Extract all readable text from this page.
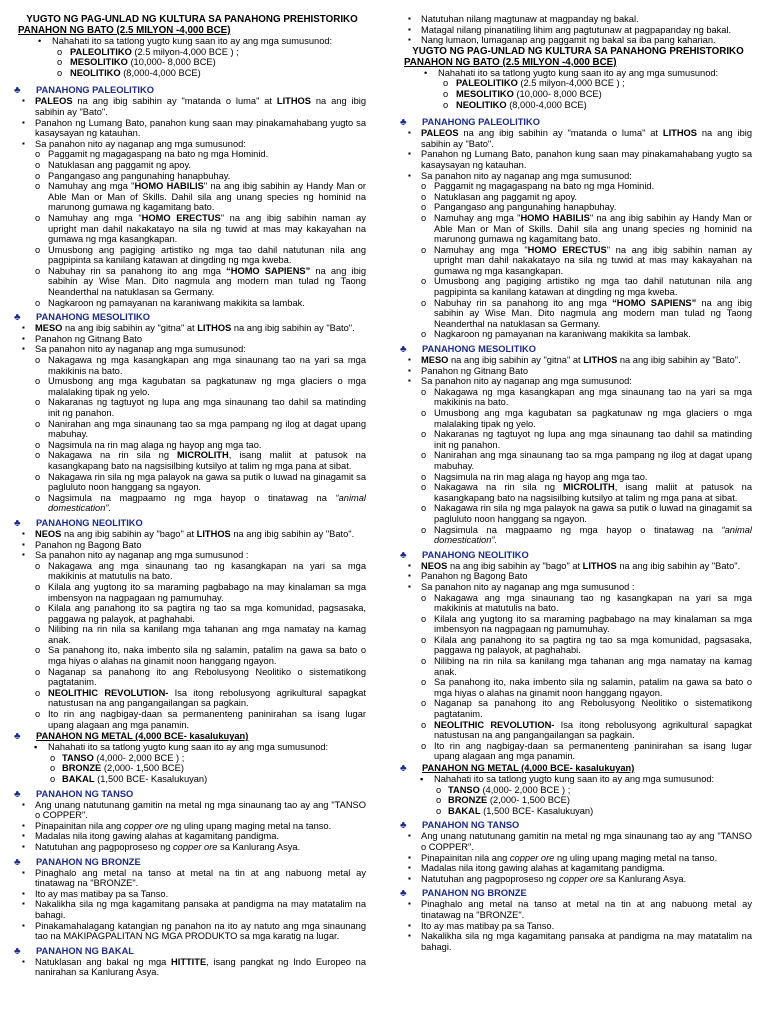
YUGTO NG PAG-UNLAD NG KULTURA SA PANAHONG PREHISTORIKO
PANAHON NG BATO (2.5 MILYON -4,000 BCE)
• Nahahati ito sa tatlong yugto kung saan ito ay ang mga sumusunod:
o PALEOLITIKO (2.5 milyon-4,000 BCE ) ;
o MESOLITIKO (10,000- 8,000 BCE)
o NEOLITIKO (8,000-4,000 BCE)
♣ PANAHONG PALEOLITIKO
▪ PALEOS na ang ibig sabihin ay "matanda o luma" at LITHOS na ang ibig sabihin ay "Bato".
▪ Panahon ng Lumang Bato, panahon kung saan may pinakamahabang yugto sa kasaysayan ng katauhan.
▪ Sa panahon nito ay naganap ang mga sumusunod:
o Paggamit ng magagaspang na bato ng mga Hominid.
o Natuklasan ang paggamit ng apoy.
o Pangangaso ang pangunahing hanapbuhay.
o Namuhay ang mga "HOMO HABILIS" na ang ibig sabihin ay Handy Man or Able Man or Man of Skills. Dahil sila ang unang species ng hominid na marunong gumawa ng kagamitang bato.
o Namuhay ang mga "HOMO ERECTUS" na ang ibig sabihin naman ay upright man dahil nakakatayo na sila ng tuwid at mas may kakayahan na gumawa ng mga kasangkapan.
o Umusbong ang pagiging artistiko ng mga tao dahil natutunan nila ang pagpipinta sa kanilang katawan at dingding ng mga kweba.
o Nabuhay rin sa panahong ito ang mga “HOMO SAPIENS” na ang ibig sabihin ay Wise Man. Dito nagmula ang modern man tulad ng Taong Neanderthal na natuklasan sa Germany.
o Nagkaroon ng pamayanan na karaniwang makikita sa lambak.
♣ PANAHONG MESOLITIKO
▪ MESO na ang ibig sabihin ay "gitna" at LITHOS na ang ibig sabihin ay "Bato".
▪ Panahon ng Gitnang Bato
▪ Sa panahon nito ay naganap ang mga sumusunod:
o Nakagawa ng mga kasangkapan ang mga sinaunang tao na yari sa mga makikinis na bato.
o Umusbong ang mga kagubatan sa pagkatunaw ng mga glaciers o mga malalaking tipak ng yelo.
o Nakaranas ng tagtuyot ng lupa ang mga sinaunang tao dahil sa matinding init ng panahon.
o Nanirahan ang mga sinaunang tao sa mga pampang ng ilog at dagat upang mabuhay.
o Nagsimula na rin mag alaga ng hayop ang mga tao.
o Nakagawa na rin sila ng MICROLITH, isang maliit at patusok na kasangkapang bato na nagsisilbing kutsilyo at talim ng mga pana at sibat.
o Nakagawa rin sila ng mga palayok na gawa sa putik o luwad na ginagamit sa pagluluto noon hanggang sa ngayon.
o Nagsimula na magpaamo ng mga hayop o tinatawag na “animal domestication”.
♣ PANAHONG NEOLITIKO
▪ NEOS na ang ibig sabihin ay "bago" at LITHOS na ang ibig sabihin ay "Bato".
▪ Panahon ng Bagong Bato
▪ Sa panahon nito ay naganap ang mga sumusunod :
o Nakagawa ang mga sinaunang tao ng kasangkapan na yari sa mga makikinis at matutulis na bato.
o Kilala ang yugtong ito sa maraming pagbabago na may kinalaman sa mga imbensyon na nagpagaan ng pamumuhay.
o Kilala ang panahong ito sa pagtira ng tao sa mga komunidad, pagsasaka, paggawa ng palayok, at paghahabi.
o Nilibing na rin nila sa kanilang mga tahanan ang mga namatay na kamag anak.
o Sa panahong ito, naka imbento sila ng salamin, patalim na gawa sa bato o mga hiyas o alahas na ginamit noon hanggang ngayon.
o Naganap sa panahong ito ang Rebolusyong Neolitiko o sistematikong pagtatanim.
o NEOLITHIC REVOLUTION- Isa itong rebolusyong agrikultural sapagkat natustusan na ang pangangailangan sa pagkain.
o Ito rin ang nagbigay-daan sa permanenteng paninirahan sa isang lugar upang alagaan ang mga panamin.
♣ PANAHON NG METAL (4,000 BCE- kasalukuyan)
▪ Nahahati ito sa tatlong yugto kung saan ito ay ang mga sumusunod:
o TANSO (4,000- 2,000 BCE ) ;
o BRONZE (2,000- 1,500 BCE)
o BAKAL (1,500 BCE- Kasalukuyan)
♣ PANAHON NG TANSO
▪ Ang unang natutunang gamitin na metal ng mga sinaunang tao ay ang "TANSO o COPPER".
▪ Pinapainitan nila ang copper ore ng uling upang maging metal na tanso.
▪ Madalas nila itong gawing alahas at kagamitang pandigma.
▪ Natutuhan ang pagpoproseso ng copper ore sa Kanlurang Asya.
♣ PANAHON NG BRONZE
▪ Pinaghalo ang metal na tanso at metal na tin at ang nabuong metal ay tinatawag na "BRONZE".
▪ Ito ay mas matibay pa sa Tanso.
▪ Nakalikha sila ng mga kagamitang pansaka at pandigma na may matatalim na bahagi.
▪ Pinakamahalagang katangian ng panahon na ito ay natuto ang mga sinaunang tao na MAKIPAGPALITAN NG MGA PRODUKTO sa mga karatig na lugar.
♣ PANAHON NG BAKAL
▪ Natuklasan ang bakal ng mga HITTITE, isang pangkat ng Indo Europeo na nanirahan sa Kanlurang Asya.
▪ Natutuhan nilang magtunaw at magpanday ng bakal.
▪ Matagal nilang pinanatiling lihim ang pagtutunaw at pagpapanday ng bakal.
▪ Nang lumaon, lumaganap ang paggamit ng bakal sa iba pang kaharian.
YUGTO NG PAG-UNLAD NG KULTURA SA PANAHONG PREHISTORIKO
PANAHON NG BATO (2.5 MILYON -4,000 BCE)
• Nahahati ito sa tatlong yugto kung saan ito ay ang mga sumusunod:
o PALEOLITIKO (2.5 milyon-4,000 BCE ) ;
o MESOLITIKO (10,000- 8,000 BCE)
o NEOLITIKO (8,000-4,000 BCE)
♣ PANAHONG PALEOLITIKO
▪ PALEOS na ang ibig sabihin ay "matanda o luma" at LITHOS na ang ibig sabihin ay "Bato".
▪ Panahon ng Lumang Bato, panahon kung saan may pinakamahabang yugto sa kasaysayan ng katauhan.
▪ Sa panahon nito ay naganap ang mga sumusunod:
o Paggamit ng magagaspang na bato ng mga Hominid.
o Natuklasan ang paggamit ng apoy.
o Pangangaso ang pangunahing hanapbuhay.
o Namuhay ang mga "HOMO HABILIS" na ang ibig sabihin ay Handy Man or Able Man or Man of Skills. Dahil sila ang unang species ng hominid na marunong gumawa ng kagamitang bato.
o Namuhay ang mga "HOMO ERECTUS" na ang ibig sabihin naman ay upright man dahil nakakatayo na sila ng tuwid at mas may kakayahan na gumawa ng mga kasangkapan.
o Umusbong ang pagiging artistiko ng mga tao dahil natutunan nila ang pagpipinta sa kanilang katawan at dingding ng mga kweba.
o Nabuhay rin sa panahong ito ang mga “HOMO SAPIENS” na ang ibig sabihin ay Wise Man. Dito nagmula ang modern man tulad ng Taong Neanderthal na natuklasan sa Germany.
o Nagkaroon ng pamayanan na karaniwang makikita sa lambak.
♣ PANAHONG MESOLITIKO
▪ MESO na ang ibig sabihin ay "gitna" at LITHOS na ang ibig sabihin ay "Bato".
▪ Panahon ng Gitnang Bato
▪ Sa panahon nito ay naganap ang mga sumusunod:
o Nakagawa ng mga kasangkapan ang mga sinaunang tao na yari sa mga makikinis na bato.
o Umusbong ang mga kagubatan sa pagkatunaw ng mga glaciers o mga malalaking tipak ng yelo.
o Nakaranas ng tagtuyot ng lupa ang mga sinaunang tao dahil sa matinding init ng panahon.
o Nanirahan ang mga sinaunang tao sa mga pampang ng ilog at dagat upang mabuhay.
o Nagsimula na rin mag alaga ng hayop ang mga tao.
o Nakagawa na rin sila ng MICROLITH, isang maliit at patusok na kasangkapang bato na nagsisilbing kutsilyo at talim ng mga pana at sibat.
o Nakagawa rin sila ng mga palayok na gawa sa putik o luwad na ginagamit sa pagluluto noon hanggang sa ngayon.
o Nagsimula na magpaamo ng mga hayop o tinatawag na “animal domestication”.
♣ PANAHONG NEOLITIKO
▪ NEOS na ang ibig sabihin ay "bago" at LITHOS na ang ibig sabihin ay "Bato".
▪ Panahon ng Bagong Bato
▪ Sa panahon nito ay naganap ang mga sumusunod :
o Nakagawa ang mga sinaunang tao ng kasangkapan na yari sa mga makikinis at matutulis na bato.
o Kilala ang yugtong ito sa maraming pagbabago na may kinalaman sa mga imbensyon na nagpagaan ng pamumuhay.
o Kilala ang panahong ito sa pagtira ng tao sa mga komunidad, pagsasaka, paggawa ng palayok, at paghahabi.
o Nilibing na rin nila sa kanilang mga tahanan ang mga namatay na kamag anak.
o Sa panahong ito, naka imbento sila ng salamin, patalim na gawa sa bato o mga hiyas o alahas na ginamit noon hanggang ngayon.
o Naganap sa panahong ito ang Rebolusyong Neolitiko o sistematikong pagtatanim.
o NEOLITHIC REVOLUTION- Isa itong rebolusyong agrikultural sapagkat natustusan na ang pangangailangan sa pagkain.
o Ito rin ang nagbigay-daan sa permanenteng paninirahan sa isang lugar upang alagaan ang mga panamin.
♣ PANAHON NG METAL (4,000 BCE- kasalukuyan)
▪ Nahahati ito sa tatlong yugto kung saan ito ay ang mga sumusunod:
o TANSO (4,000- 2,000 BCE ) ;
o BRONZE (2,000- 1,500 BCE)
o BAKAL (1,500 BCE- Kasalukuyan)
♣ PANAHON NG TANSO
▪ Ang unang natutunang gamitin na metal ng mga sinaunang tao ay ang "TANSO o COPPER".
▪ Pinapainitan nila ang copper ore ng uling upang maging metal na tanso.
▪ Madalas nila itong gawing alahas at kagamitang pandigma.
▪ Natutuhan ang pagpoproseso ng copper ore sa Kanlurang Asya.
♣ PANAHON NG BRONZE
▪ Pinaghalo ang metal na tanso at metal na tin at ang nabuong metal ay tinatawag na "BRONZE".
▪ Ito ay mas matibay pa sa Tanso.
▪ Nakalikha sila ng mga kagamitang pansaka at pandigma na may matatalim na bahagi.
